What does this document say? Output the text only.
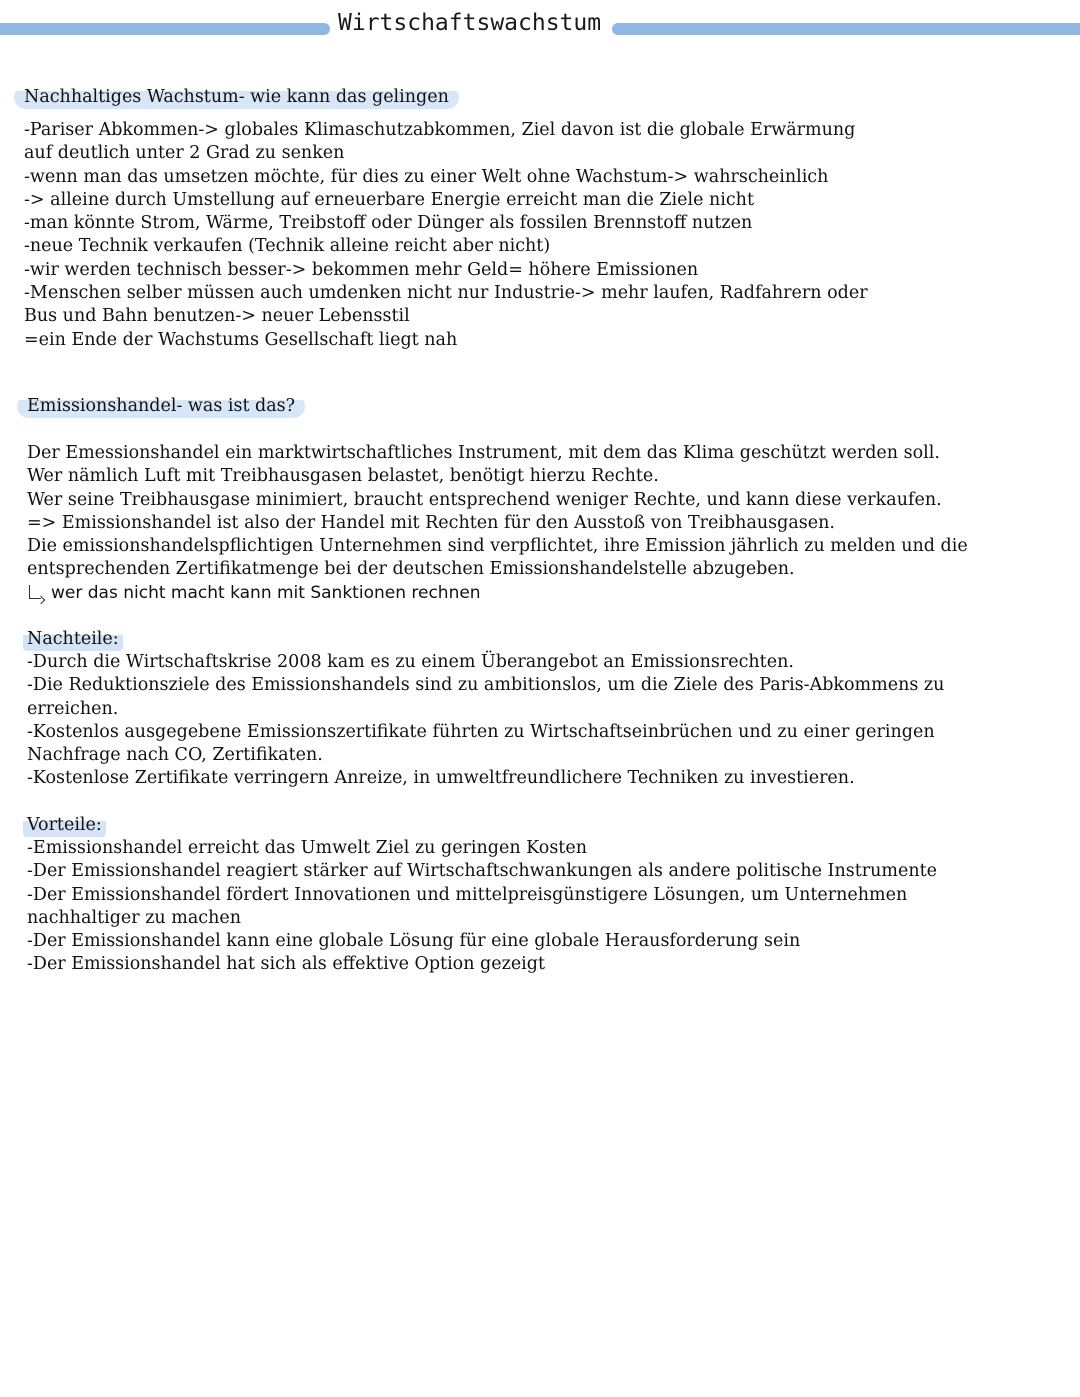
Wirtschaftswachstum
Nachhaltiges Wachstum- wie kann das gelingen
-Pariser Abkommen-> globales Klimaschutzabkommen, Ziel davon ist die globale Erwärmung
auf deutlich unter 2 Grad zu senken
-wenn man das umsetzen möchte, für dies zu einer Welt ohne Wachstum-> wahrscheinlich
-> alleine durch Umstellung auf erneuerbare Energie erreicht man die Ziele nicht
-man könnte Strom, Wärme, Treibstoff oder Dünger als fossilen Brennstoff nutzen
-neue Technik verkaufen (Technik alleine reicht aber nicht)
-wir werden technisch besser-> bekommen mehr Geld= höhere Emissionen
-Menschen selber müssen auch umdenken nicht nur Industrie-> mehr laufen, Radfahrern oder
Bus und Bahn benutzen-> neuer Lebensstil
=ein Ende der Wachstums Gesellschaft liegt nah
Emissionshandel- was ist das?
Der Emessionshandel ein marktwirtschaftliches Instrument, mit dem das Klima geschützt werden soll.
Wer nämlich Luft mit Treibhausgasen belastet, benötigt hierzu Rechte.
Wer seine Treibhausgase minimiert, braucht entsprechend weniger Rechte, und kann diese verkaufen.
=> Emissionshandel ist also der Handel mit Rechten für den Ausstoß von Treibhausgasen.
Die emissionshandelspflichtigen Unternehmen sind verpflichtet, ihre Emission jährlich zu melden und die
entsprechenden Zertifikatmenge bei der deutschen Emissionshandelstelle abzugeben.
wer das nicht macht kann mit Sanktionen rechnen
Nachteile:
-Durch die Wirtschaftskrise 2008 kam es zu einem Überangebot an Emissionsrechten.
-Die Reduktionsziele des Emissionshandels sind zu ambitionslos, um die Ziele des Paris-Abkommens zu
erreichen.
-Kostenlos ausgegebene Emissionszertifikate führten zu Wirtschaftseinbrüchen und zu einer geringen
Nachfrage nach CO, Zertifikaten.
-Kostenlose Zertifikate verringern Anreize, in umweltfreundlichere Techniken zu investieren.
Vorteile:
-Emissionshandel erreicht das Umwelt Ziel zu geringen Kosten
-Der Emissionshandel reagiert stärker auf Wirtschaftschwankungen als andere politische Instrumente
-Der Emissionshandel fördert Innovationen und mittelpreisgünstigere Lösungen, um Unternehmen
nachhaltiger zu machen
-Der Emissionshandel kann eine globale Lösung für eine globale Herausforderung sein
-Der Emissionshandel hat sich als effektive Option gezeigt
